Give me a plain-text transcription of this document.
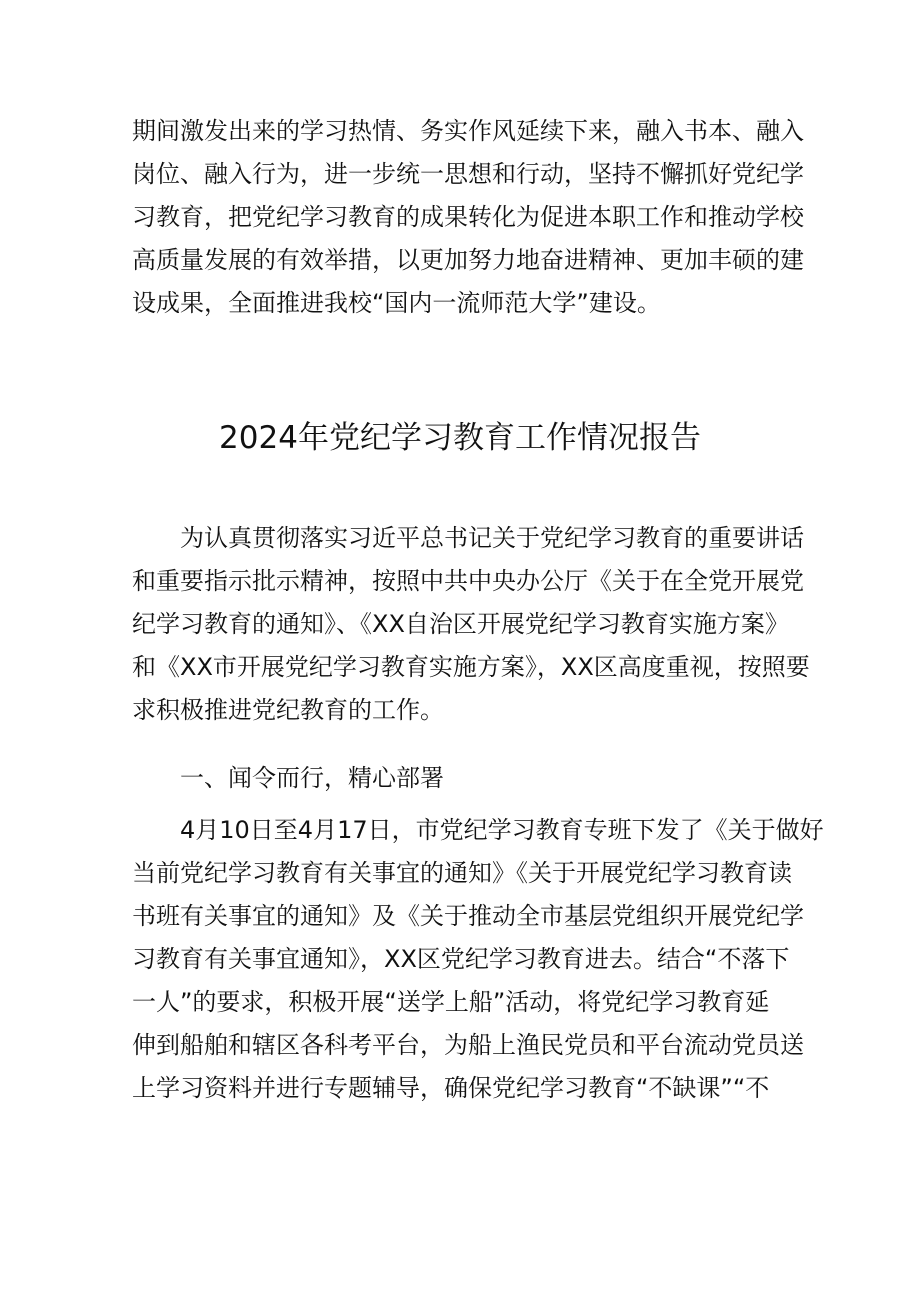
期间激发出来的学习热情、务实作风延续下来，融入书本、融入
岗位、融入行为，进一步统一思想和行动，坚持不懈抓好党纪学
习教育，把党纪学习教育的成果转化为促进本职工作和推动学校
高质量发展的有效举措，以更加努力地奋进精神、更加丰硕的建
设成果，全面推进我校“国内一流师范大学”建设。
2024年党纪学习教育工作情况报告
为认真贯彻落实习近平总书记关于党纪学习教育的重要讲话
和重要指示批示精神，按照中共中央办公厅《关于在全党开展党
纪学习教育的通知》、《XX自治区开展党纪学习教育实施方案》
和《XX市开展党纪学习教育实施方案》，XX区高度重视，按照要
求积极推进党纪教育的工作。
一、闻令而行，精心部署
4月10日至4月17日，市党纪学习教育专班下发了《关于做好
当前党纪学习教育有关事宜的通知》《关于开展党纪学习教育读
书班有关事宜的通知》及《关于推动全市基层党组织开展党纪学
习教育有关事宜通知》，XX区党纪学习教育进去。结合“不落下
一人”的要求，积极开展“送学上船”活动，将党纪学习教育延
伸到船舶和辖区各科考平台，为船上渔民党员和平台流动党员送
上学习资料并进行专题辅导，确保党纪学习教育“不缺课”“不
